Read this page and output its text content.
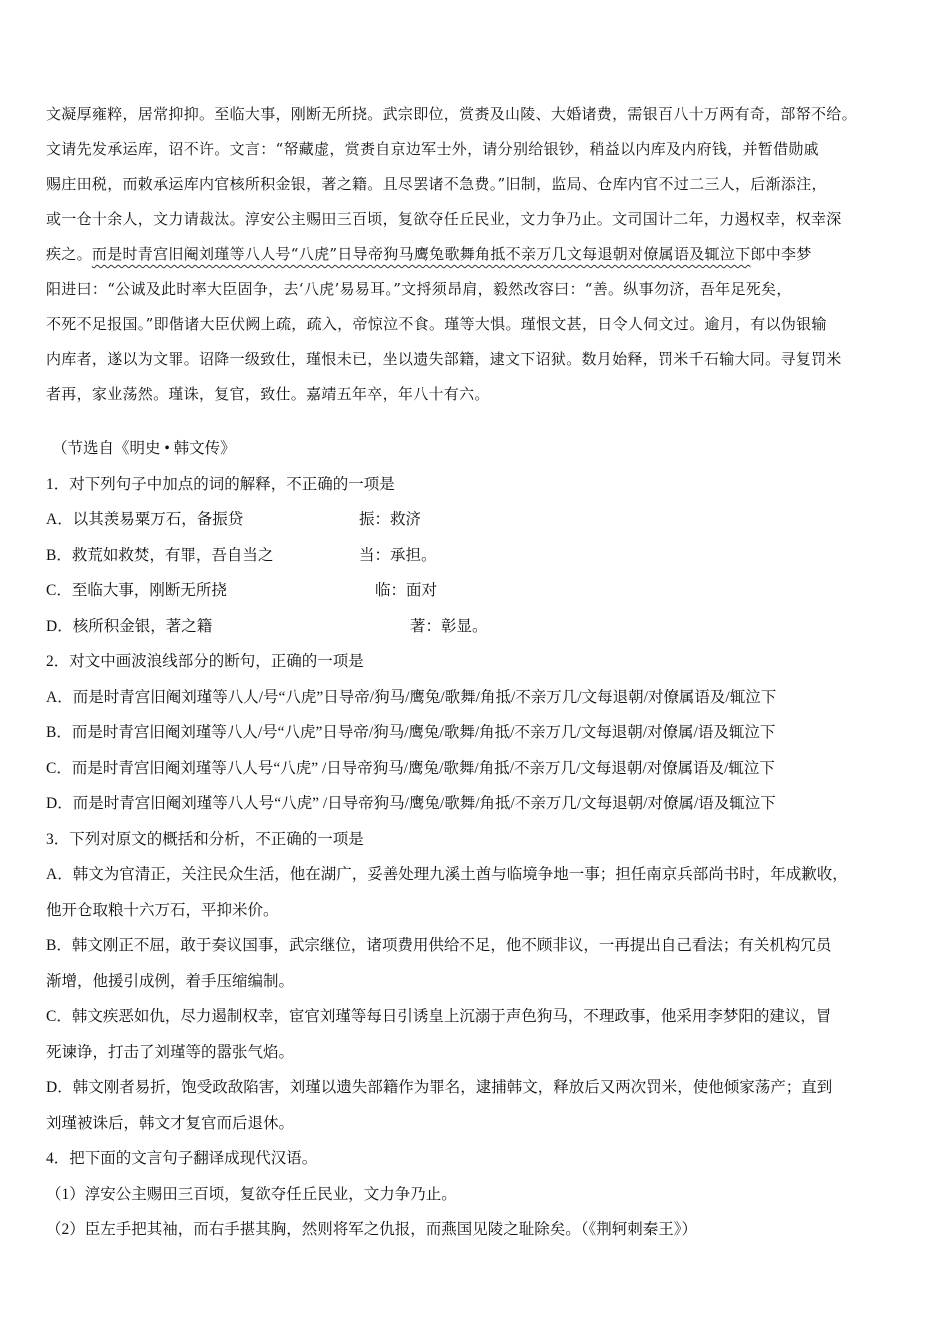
文凝厚雍粹，居常抑抑。至临大事，刚断无所挠。武宗即位，赏赉及山陵、大婚诸费，需银百八十万两有奇，部帑不给。
文请先发承运库，诏不许。文言：“帑藏虚，赏赉自京边军士外，请分别给银钞，稍益以内库及内府钱，并暂借勋戚
赐庄田税，而敕承运库内官核所积金银，著之籍。且尽罢诸不急费。”旧制，监局、仓库内官不过二三人，后渐添注，
或一仓十余人，文力请裁汰。淳安公主赐田三百顷，复欲夺任丘民业，文力争乃止。文司国计二年，力遏权幸，权幸深
疾之。而是时青宫旧阉刘瑾等八人号“八虎”日导帝狗马鹰兔歌舞角抵不亲万几文每退朝对僚属语及辄泣下郎中李梦
阳进曰：“公诚及此时率大臣固争，去‘八虎’易易耳。”文捋须昂肩，毅然改容曰：“善。纵事勿济，吾年足死矣，
不死不足报国。”即偕诸大臣伏阙上疏，疏入，帝惊泣不食。瑾等大惧。瑾恨文甚，日令人伺文过。逾月，有以伪银输
内库者，遂以为文罪。诏降一级致仕，瑾恨未已，坐以遗失部籍，逮文下诏狱。数月始释，罚米千石输大同。寻复罚米
者再，家业荡然。瑾诛，复官，致仕。嘉靖五年卒，年八十有六。
（节选自《明史 • 韩文传》
1．对下列句子中加点的词的解释，不正确的一项是
A．以其羡易粟万石，备振贷	振：救济
B．救荒如救焚，有罪，吾自当之	当：承担。
C．至临大事，刚断无所挠	临：面对
D．核所积金银，著之籍	著：彰显。
2．对文中画波浪线部分的断句，正确的一项是
A．而是时青宫旧阉刘瑾等八人/号“八虎”日导帝/狗马/鹰兔/歌舞/角抵/不亲万几/文每退朝/对僚属语及/辄泣下
B．而是时青宫旧阉刘瑾等八人/号“八虎”日导帝/狗马/鹰兔/歌舞/角抵/不亲万几/文每退朝/对僚属/语及辄泣下
C．而是时青宫旧阉刘瑾等八人号“八虎” /日导帝狗马/鹰兔/歌舞/角抵/不亲万几/文每退朝/对僚属语及/辄泣下
D．而是时青宫旧阉刘瑾等八人号“八虎” /日导帝狗马/鹰兔/歌舞/角抵/不亲万几/文每退朝/对僚属/语及辄泣下
3．下列对原文的概括和分析，不正确的一项是
A．韩文为官清正，关注民众生活，他在湖广，妥善处理九溪土酋与临境争地一事；担任南京兵部尚书时，年成歉收，
他开仓取粮十六万石，平抑米价。
B．韩文刚正不屈，敢于奏议国事，武宗继位，诸项费用供给不足，他不顾非议，一再提出自己看法；有关机构冗员
渐增，他援引成例，着手压缩编制。
C．韩文疾恶如仇，尽力遏制权幸，宦官刘瑾等每日引诱皇上沉溺于声色狗马，不理政事，他采用李梦阳的建议，冒
死谏诤，打击了刘瑾等的嚣张气焰。
D．韩文刚者易折，饱受政敌陷害，刘瑾以遗失部籍作为罪名，逮捕韩文，释放后又两次罚米，使他倾家荡产；直到
刘瑾被诛后，韩文才复官而后退休。
4．把下面的文言句子翻译成现代汉语。
（1）淳安公主赐田三百顷，复欲夺任丘民业，文力争乃止。
（2）臣左手把其袖，而右手揕其胸，然则将军之仇报，而燕国见陵之耻除矣。（《荆轲刺秦王》）
